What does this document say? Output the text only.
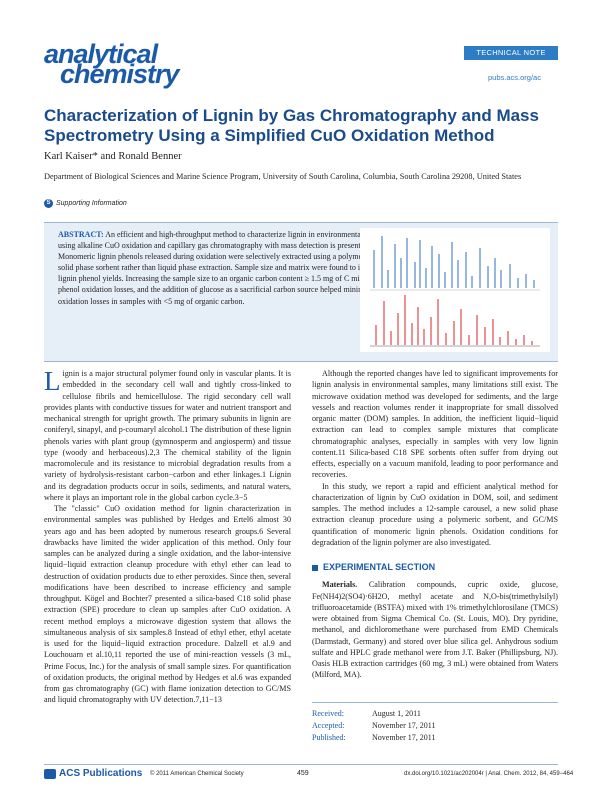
analytical
chemistry
TECHNICAL NOTE
pubs.acs.org/ac
Characterization of Lignin by Gas Chromatography and Mass Spectrometry Using a Simplified CuO Oxidation Method
Karl Kaiser* and Ronald Benner
Department of Biological Sciences and Marine Science Program, University of South Carolina, Columbia, South Carolina 29208, United States
S Supporting Information

ABSTRACT: An efficient and high-throughput method to characterize lignin in environmental samples using alkaline CuO oxidation and capillary gas chromatography with mass detection is presented. Monomeric lignin phenols released during oxidation were selectively extracted using a polymer-based solid phase sorbent rather than liquid phase extraction. Sample size and matrix were found to influence lignin phenol yields. Increasing the sample size to an organic carbon content ≥ 1.5 mg of C minimizes phenol oxidation losses, and the addition of glucose as a sacrificial carbon source helped minimize oxidation losses in samples with <5 mg of organic carbon.

Lignin is a major structural polymer found only in vascular plants. It is embedded in the secondary cell wall and tightly cross-linked to cellulose fibrils and hemicellulose. The rigid secondary cell wall provides plants with conductive tissues for water and nutrient transport and mechanical strength for upright growth. The primary subunits in lignin are coniferyl, sinapyl, and p-coumaryl alcohol.1 The distribution of these lignin phenols varies with plant group (gymnosperm and angiosperm) and tissue type (woody and herbaceous).2,3 The chemical stability of the lignin macromolecule and its resistance to microbial degradation results from a variety of hydrolysis-resistant carbon−carbon and ether linkages.1 Lignin and its degradation products occur in soils, sediments, and natural waters, where it plays an important role in the global carbon cycle.3−5

The "classic" CuO oxidation method for lignin characterization in environmental samples was published by Hedges and Ertel6 almost 30 years ago and has been adopted by numerous research groups.6 Several drawbacks have limited the wider application of this method. Only four samples can be analyzed during a single oxidation, and the labor-intensive liquid−liquid extraction cleanup procedure with ethyl ether can lead to destruction of oxidation products due to ether peroxides. Since then, several modifications have been described to increase efficiency and sample throughput. Kögel and Bochter7 presented a silica-based C18 solid phase extraction (SPE) procedure to clean up samples after CuO oxidation. A recent method employs a microwave digestion system that allows the simultaneous analysis of six samples.8 Instead of ethyl ether, ethyl acetate is used for the liquid−liquid extraction procedure. Dalzell et al.9 and Louchouarn et al.10,11 reported the use of mini-reaction vessels (3 mL, Prime Focus, Inc.) for the analysis of small sample sizes. For quantification of oxidation products, the original method by Hedges et al.6 was expanded from gas chromatography (GC) with flame ionization detection to GC/MS and liquid chromatography with UV detection.7,11−13

Although the reported changes have led to significant improvements for lignin analysis in environmental samples, many limitations still exist. The microwave oxidation method was developed for sediments, and the large vessels and reaction volumes render it inappropriate for small dissolved organic matter (DOM) samples. In addition, the inefficient liquid−liquid extraction can lead to complex sample mixtures that complicate chromatographic analyses, especially in samples with very low lignin content.11 Silica-based C18 SPE sorbents often suffer from drying out effects, especially on a vacuum manifold, leading to poor performance and recoveries.

In this study, we report a rapid and efficient analytical method for characterization of lignin by CuO oxidation in DOM, soil, and sediment samples. The method includes a 12-sample carousel, a new solid phase extraction cleanup procedure using a polymeric sorbent, and GC/MS quantification of monomeric lignin phenols. Oxidation conditions for degradation of the lignin polymer are also investigated.

EXPERIMENTAL SECTION

Materials. Calibration compounds, cupric oxide, glucose, Fe(NH4)2(SO4)·6H2O, methyl acetate and N,O-bis(trimethylsilyl) trifluoroacetamide (BSTFA) mixed with 1% trimethylchlorosilane (TMCS) were obtained from Sigma Chemical Co. (St. Louis, MO). Dry pyridine, methanol, and dichloromethane were purchased from EMD Chemicals (Darmstadt, Germany) and stored over blue silica gel. Anhydrous sodium sulfate and HPLC grade methanol were from J.T. Baker (Phillipsburg, NJ). Oasis HLB extraction cartridges (60 mg, 3 mL) were obtained from Waters (Milford, MA).

Received:	August 1, 2011
Accepted:	November 17, 2011
Published:	November 17, 2011
ACS Publications © 2011 American Chemical Society	459	dx.doi.org/10.1021/ac202004r | Anal. Chem. 2012, 84, 459−464
